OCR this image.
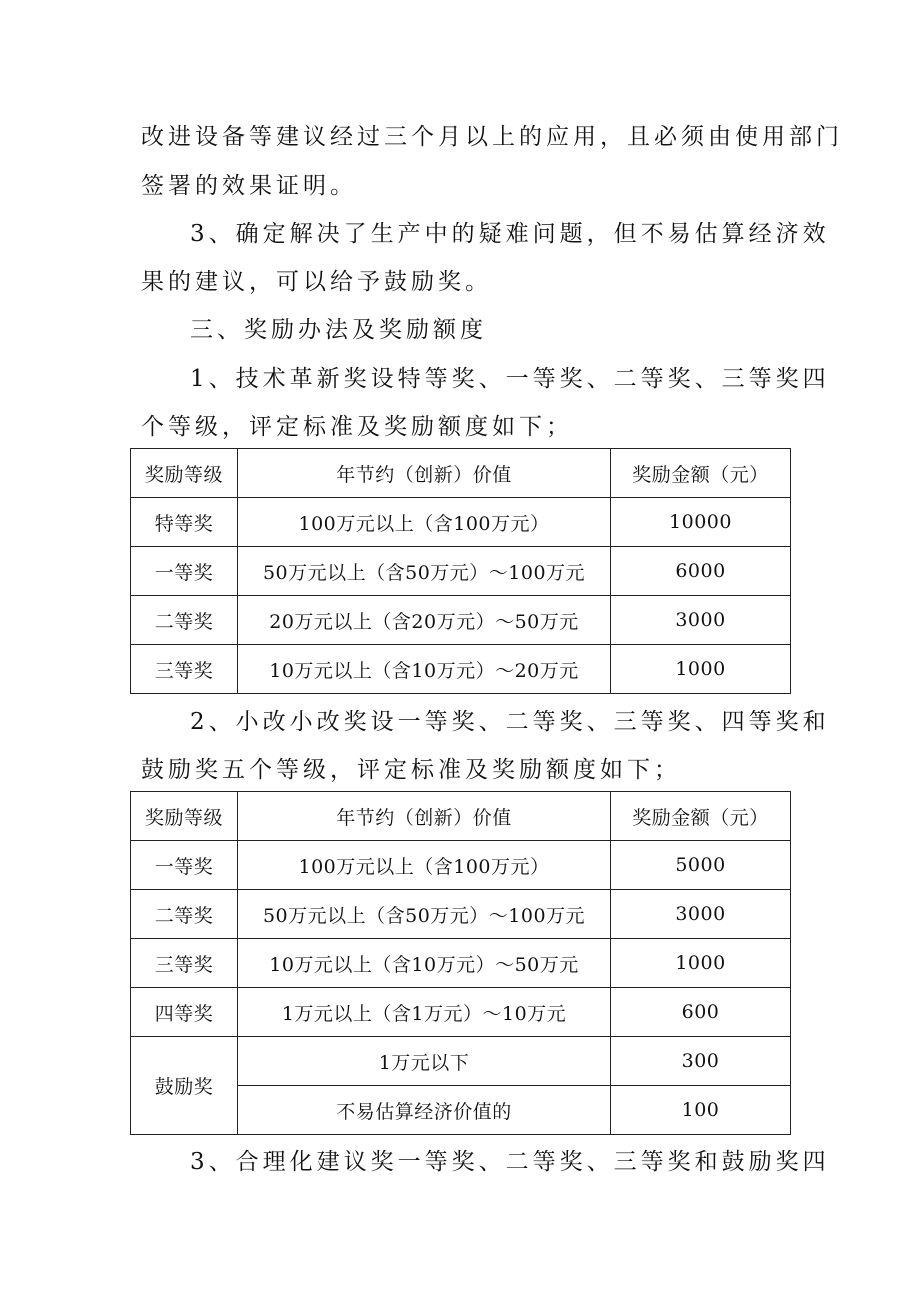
改进设备等建议经过三个月以上的应用，且必须由使用部门
签署的效果证明。
3、确定解决了生产中的疑难问题，但不易估算经济效
果的建议，可以给予鼓励奖。
三、奖励办法及奖励额度
1、技术革新奖设特等奖、一等奖、二等奖、三等奖四
个等级，评定标准及奖励额度如下；
奖励等级	年节约（创新）价值	奖励金额（元）
特等奖	100万元以上（含100万元）	10000
一等奖	50万元以上（含50万元）～100万元	6000
二等奖	20万元以上（含20万元）～50万元	3000
三等奖	10万元以上（含10万元）～20万元	1000
2、小改小改奖设一等奖、二等奖、三等奖、四等奖和
鼓励奖五个等级，评定标准及奖励额度如下；
奖励等级	年节约（创新）价值	奖励金额（元）
一等奖	100万元以上（含100万元）	5000
二等奖	50万元以上（含50万元）～100万元	3000
三等奖	10万元以上（含10万元）～50万元	1000
四等奖	1万元以上（含1万元）～10万元	600
鼓励奖	1万元以下	300
	不易估算经济价值的	100
3、合理化建议奖一等奖、二等奖、三等奖和鼓励奖四
